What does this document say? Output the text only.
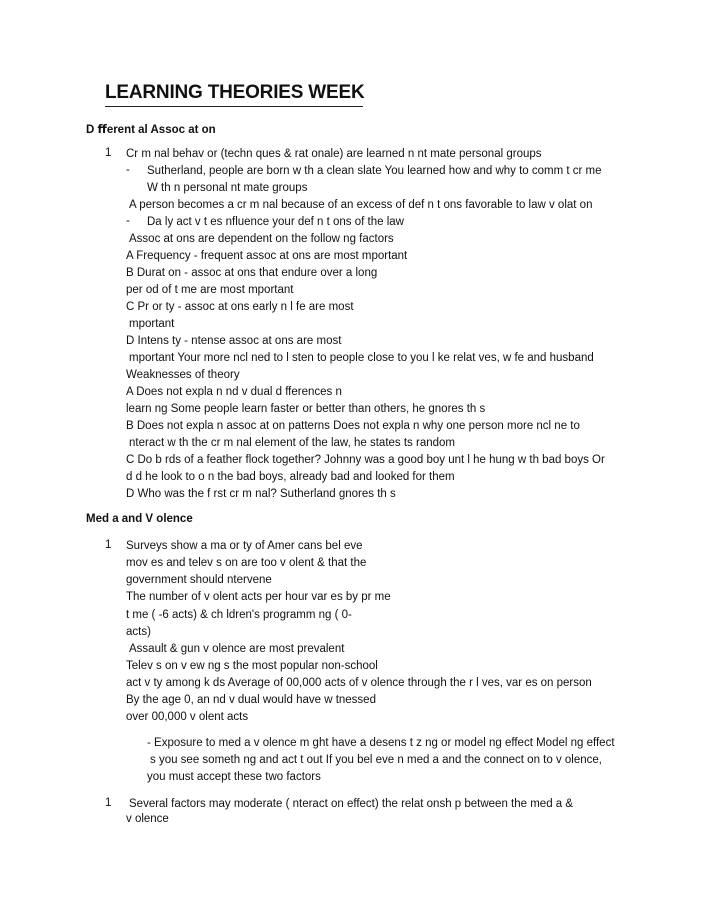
LEARNING THEORIES WEEK
D ﬀerent al Assoc at on
1 Cr m nal behav or (techn ques & rat onale) are learned n nt mate personal groups
- Sutherland, people are born w th a clean slate You learned how and why to comm t cr me
W th n personal nt mate groups
A person becomes a cr m nal because of an excess of def n t ons favorable to law v olat on
- Da ly act v t es nfluence your def n t ons of the law
Assoc at ons are dependent on the follow ng factors
A Frequency - frequent assoc at ons are most mportant
B Durat on - assoc at ons that endure over a long
per od of t me are most mportant
C Pr or ty - assoc at ons early n l fe are most
mportant
D Intens ty - ntense assoc at ons are most
mportant Your more ncl ned to l sten to people close to you l ke relat ves, w fe and husband
Weaknesses of theory
A Does not expla n nd v dual d fferences n
learn ng Some people learn faster or better than others, he gnores th s
B Does not expla n assoc at on patterns Does not expla n why one person more ncl ne to
nteract w th the cr m nal element of the law, he states ts random
C Do b rds of a feather flock together? Johnny was a good boy unt l he hung w th bad boys Or
d d he look to o n the bad boys, already bad and looked for them
D Who was the f rst cr m nal? Sutherland gnores th s
Med a and V olence
1 Surveys show a ma or ty of Amer cans bel eve
mov es and telev s on are too v olent & that the
government should ntervene
The number of v olent acts per hour var es by pr me
t me ( -6 acts) & ch ldren's programm ng ( 0-
acts)
Assault & gun v olence are most prevalent
Telev s on v ew ng s the most popular non-school
act v ty among k ds Average of 00,000 acts of v olence through the r l ves, var es on person
By the age 0, an nd v dual would have w tnessed
over 00,000 v olent acts
- Exposure to med a v olence m ght have a desens t z ng or model ng effect Model ng effect
s you see someth ng and act t out If you bel eve n med a and the connect on to v olence,
you must accept these two factors
1 Several factors may moderate ( nteract on effect) the relat onsh p between the med a &
v olence
